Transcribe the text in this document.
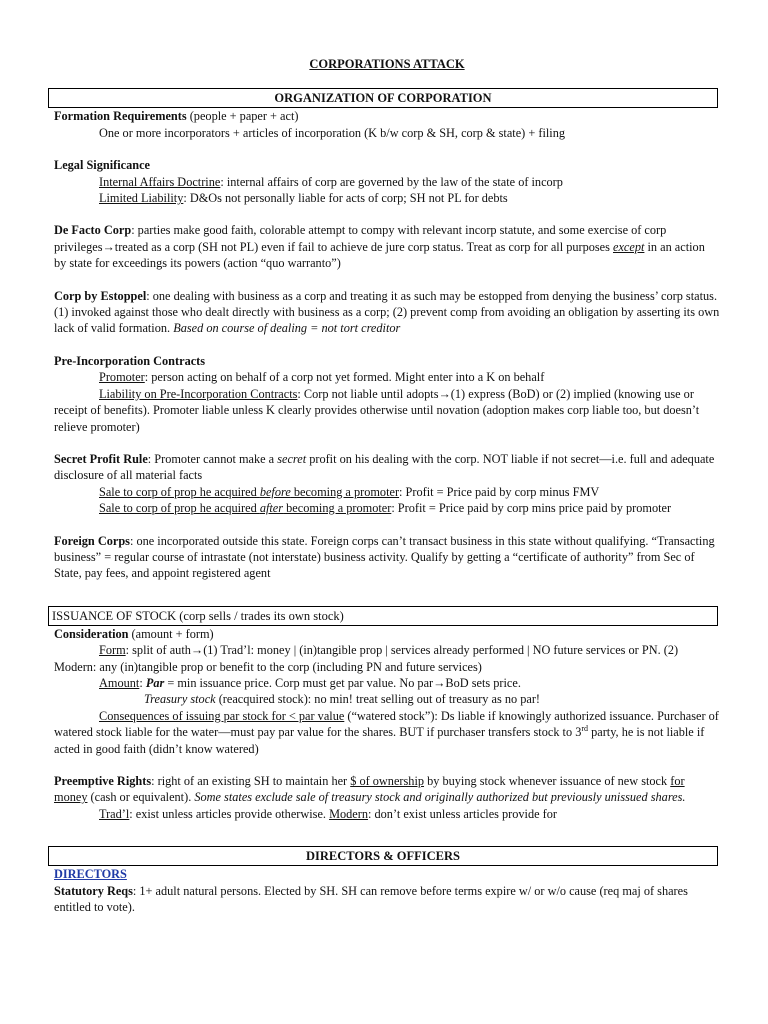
CORPORATIONS ATTACK
ORGANIZATION OF CORPORATION

Formation Requirements (people + paper + act)

One or more incorporators + articles of incorporation (K b/w corp & SH, corp & state) + filing

Legal Significance

Internal Affairs Doctrine: internal affairs of corp are governed by the law of the state of incorp

Limited Liability: D&Os not personally liable for acts of corp; SH not PL for debts

De Facto Corp: parties make good faith, colorable attempt to compy with relevant incorp statute, and some exercise of corp privileges→treated as a corp (SH not PL) even if fail to achieve de jure corp status. Treat as corp for all purposes except in an action by state for exceedings its powers (action “quo warranto”)

Corp by Estoppel: one dealing with business as a corp and treating it as such may be estopped from denying the business’ corp status. (1) invoked against those who dealt directly with business as a corp; (2) prevent comp from avoiding an obligation by asserting its own lack of valid formation. Based on course of dealing = not tort creditor

Pre-Incorporation Contracts

Promoter: person acting on behalf of a corp not yet formed. Might enter into a K on behalf

Liability on Pre-Incorporation Contracts: Corp not liable until adopts→(1) express (BoD) or (2) implied (knowing use or receipt of benefits). Promoter liable unless K clearly provides otherwise until novation (adoption makes corp liable too, but doesn’t relieve promoter)

Secret Profit Rule: Promoter cannot make a secret profit on his dealing with the corp. NOT liable if not secret—i.e. full and adequate disclosure of all material facts

Sale to corp of prop he acquired before becoming a promoter: Profit = Price paid by corp minus FMV

Sale to corp of prop he acquired after becoming a promoter: Profit = Price paid by corp mins price paid by promoter

Foreign Corps: one incorporated outside this state. Foreign corps can’t transact business in this state without qualifying. “Transacting business” = regular course of intrastate (not interstate) business activity. Qualify by getting a “certificate of authority” from Sec of State, pay fees, and appoint registered agent

ISSUANCE OF STOCK (corp sells / trades its own stock)

Consideration (amount + form)

Form: split of auth→(1) Trad’l: money | (in)tangible prop | services already performed | NO future services or PN. (2) Modern: any (in)tangible prop or benefit to the corp (including PN and future services)

Amount: Par = min issuance price. Corp must get par value. No par→BoD sets price.

Treasury stock (reacquired stock): no min! treat selling out of treasury as no par!

Consequences of issuing par stock for < par value (“watered stock”): Ds liable if knowingly authorized issuance. Purchaser of watered stock liable for the water—must pay par value for the shares. BUT if purchaser transfers stock to 3rd party, he is not liable if acted in good faith (didn’t know watered)

Preemptive Rights: right of an existing SH to maintain her $ of ownership by buying stock whenever issuance of new stock for money (cash or equivalent). Some states exclude sale of treasury stock and originally authorized but previously unissued shares.

Trad’l: exist unless articles provide otherwise. Modern: don’t exist unless articles provide for

DIRECTORS & OFFICERS

DIRECTORS

Statutory Reqs: 1+ adult natural persons. Elected by SH. SH can remove before terms expire w/ or w/o cause (req maj of shares entitled to vote).
